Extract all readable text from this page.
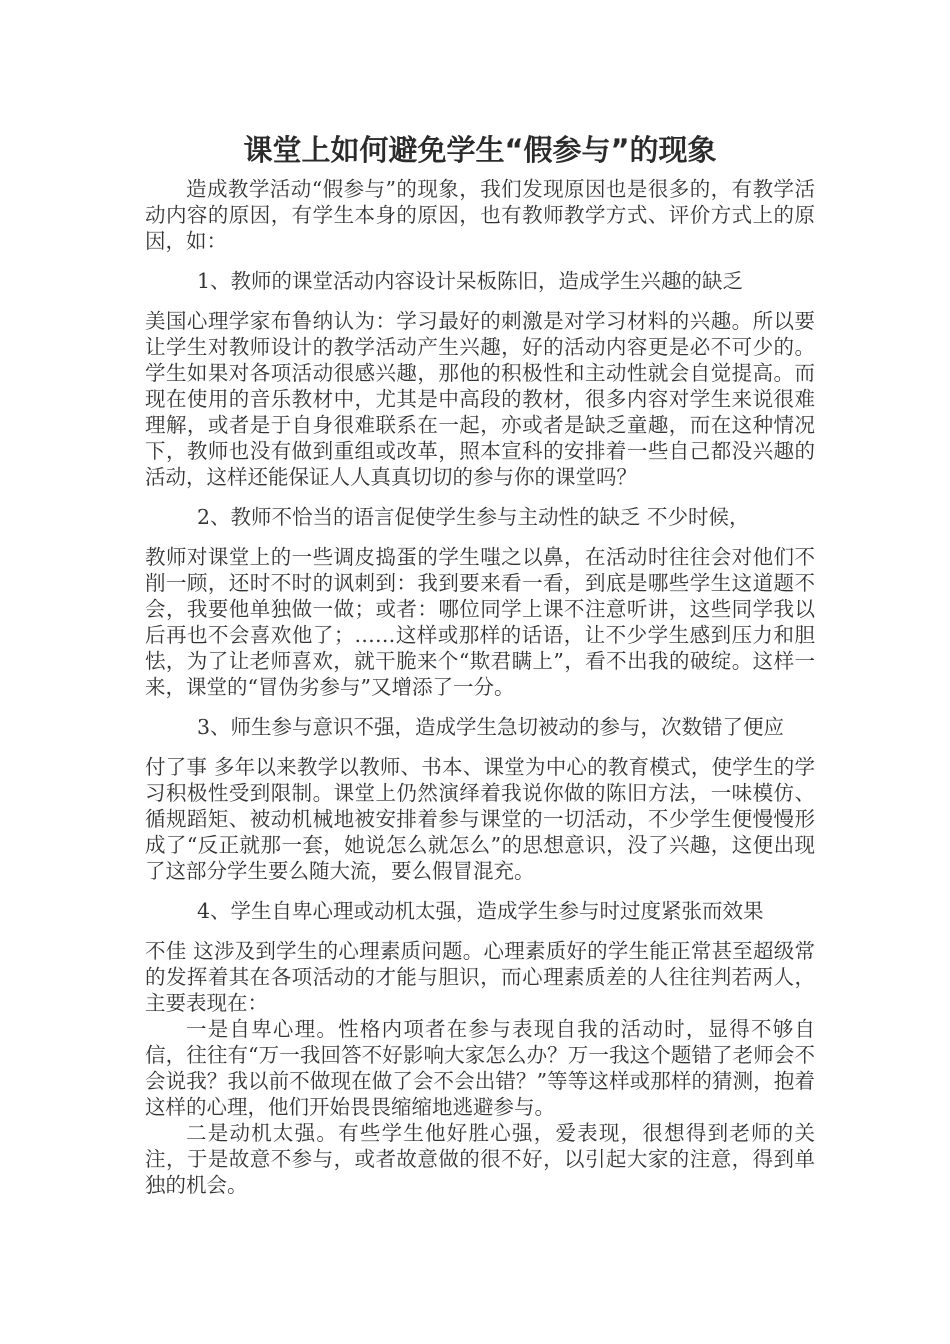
课堂上如何避免学生“假参与”的现象

造成教学活动“假参与”的现象，我们发现原因也是很多的，有教学活动内容的原因，有学生本身的原因，也有教师教学方式、评价方式上的原因，如：

1、教师的课堂活动内容设计呆板陈旧，造成学生兴趣的缺乏

美国心理学家布鲁纳认为：学习最好的刺激是对学习材料的兴趣。所以要让学生对教师设计的教学活动产生兴趣，好的活动内容更是必不可少的。学生如果对各项活动很感兴趣，那他的积极性和主动性就会自觉提高。而现在使用的音乐教材中，尤其是中高段的教材，很多内容对学生来说很难理解，或者是于自身很难联系在一起，亦或者是缺乏童趣，而在这种情况下，教师也没有做到重组或改革，照本宣科的安排着一些自己都没兴趣的活动，这样还能保证人人真真切切的参与你的课堂吗？

2、教师不恰当的语言促使学生参与主动性的缺乏 不少时候，

教师对课堂上的一些调皮捣蛋的学生嗤之以鼻，在活动时往往会对他们不削一顾，还时不时的讽刺到：我到要来看一看，到底是哪些学生这道题不会，我要他单独做一做；或者：哪位同学上课不注意听讲，这些同学我以后再也不会喜欢他了；……这样或那样的话语，让不少学生感到压力和胆怯，为了让老师喜欢，就干脆来个“欺君瞒上”，看不出我的破绽。这样一来，课堂的“冒伪劣参与”又增添了一分。

3、师生参与意识不强，造成学生急切被动的参与，次数错了便应

付了事 多年以来教学以教师、书本、课堂为中心的教育模式，使学生的学习积极性受到限制。课堂上仍然演绎着我说你做的陈旧方法，一味模仿、循规蹈矩、被动机械地被安排着参与课堂的一切活动，不少学生便慢慢形成了“反正就那一套，她说怎么就怎么”的思想意识，没了兴趣，这便出现了这部分学生要么随大流，要么假冒混充。

4、学生自卑心理或动机太强，造成学生参与时过度紧张而效果

不佳 这涉及到学生的心理素质问题。心理素质好的学生能正常甚至超级常的发挥着其在各项活动的才能与胆识，而心理素质差的人往往判若两人，主要表现在：

一是自卑心理。性格内项者在参与表现自我的活动时，显得不够自信，往往有“万一我回答不好影响大家怎么办？万一我这个题错了老师会不会说我？我以前不做现在做了会不会出错？”等等这样或那样的猜测，抱着这样的心理，他们开始畏畏缩缩地逃避参与。

二是动机太强。有些学生他好胜心强，爱表现，很想得到老师的关注，于是故意不参与，或者故意做的很不好，以引起大家的注意，得到单独的机会。
